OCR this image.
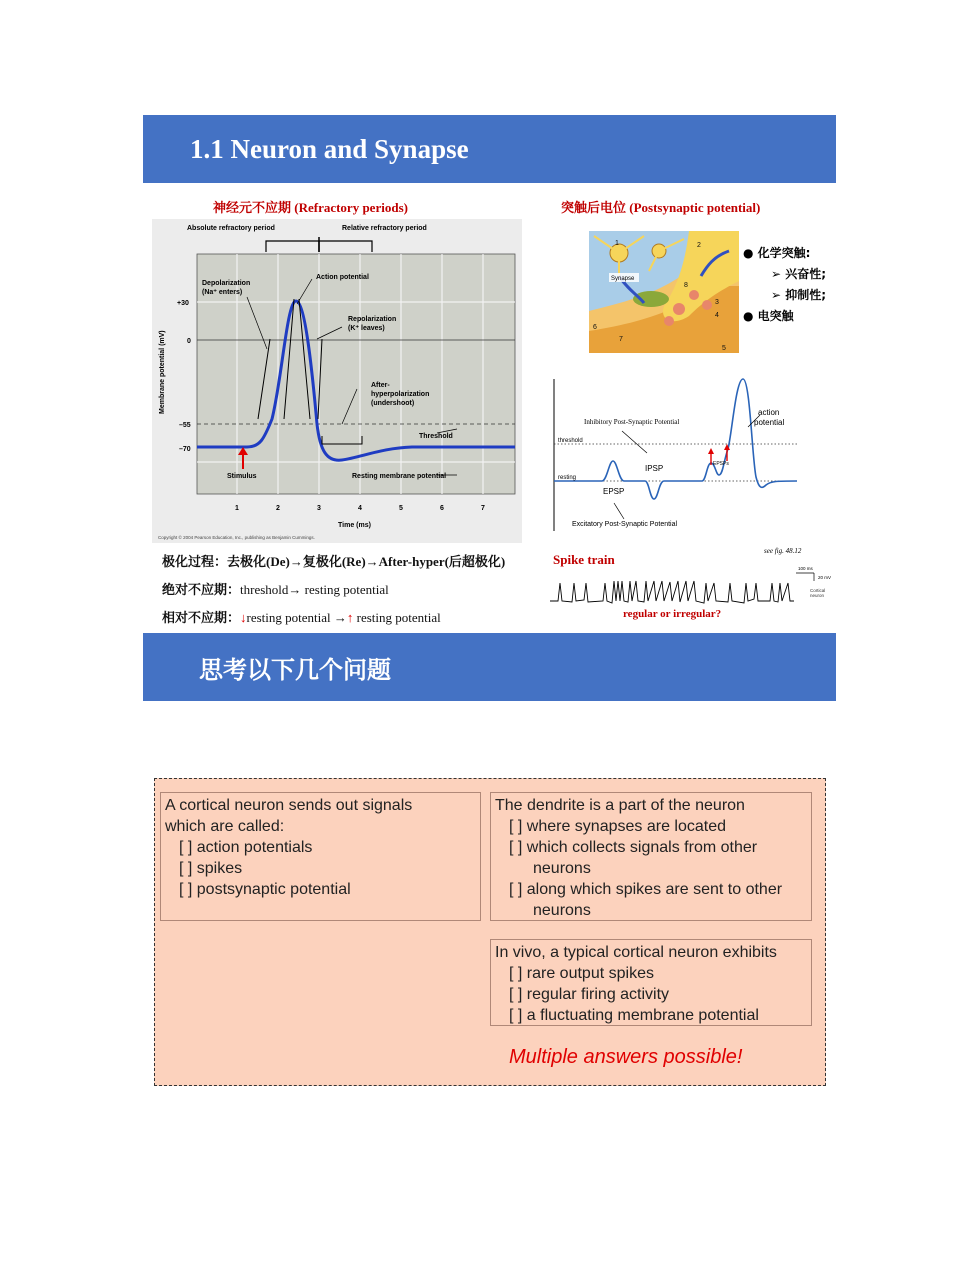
1.1 Neuron and Synapse
神经元不应期 (Refractory periods)	突触后电位 (Postsynaptic potential)
Absolute refractory period	Relative refractory period
Depolarization
(Na⁺ enters)
Action potential
Repolarization
(K⁺ leaves)
After-
hyperpolarization
(undershoot)
Threshold
Stimulus	Resting membrane potential
+30
0
–55
–70
Membrane potential (mV)
1	2	3	4	5	6	7
Time (ms)
Copyright © 2004 Pearson Education, Inc., publishing as Benjamin Cummings.
Synapse
1	2
3
4
5
6
7
8
● 化学突触:
➢ 兴奋性;
➢ 抑制性;
● 电突触
Inhibitory Post-Synaptic Potential
threshold
resting
IPSP
EPSP
EPSPs
action
potential
Excitatory Post-Synaptic Potential
极化过程：去极化(De)→复极化(Re)→After-hyper(后超极化)
绝对不应期：threshold→ resting potential
相对不应期：↓resting potential →↑ resting potential
Spike train
see fig. 48.12
100 ms
20 mV
Cortical
neuron
regular or irregular?
思考以下几个问题
A cortical neuron sends out signals
which are called:
[ ] action potentials
[ ] spikes
[ ] postsynaptic potential
The dendrite is a part of the neuron
[ ] where synapses are located
[ ] which collects signals from other
neurons
[ ] along which spikes are sent to other
neurons
In vivo, a typical cortical neuron exhibits
[ ] rare output spikes
[ ] regular firing activity
[ ] a fluctuating membrane potential
Multiple answers possible!
